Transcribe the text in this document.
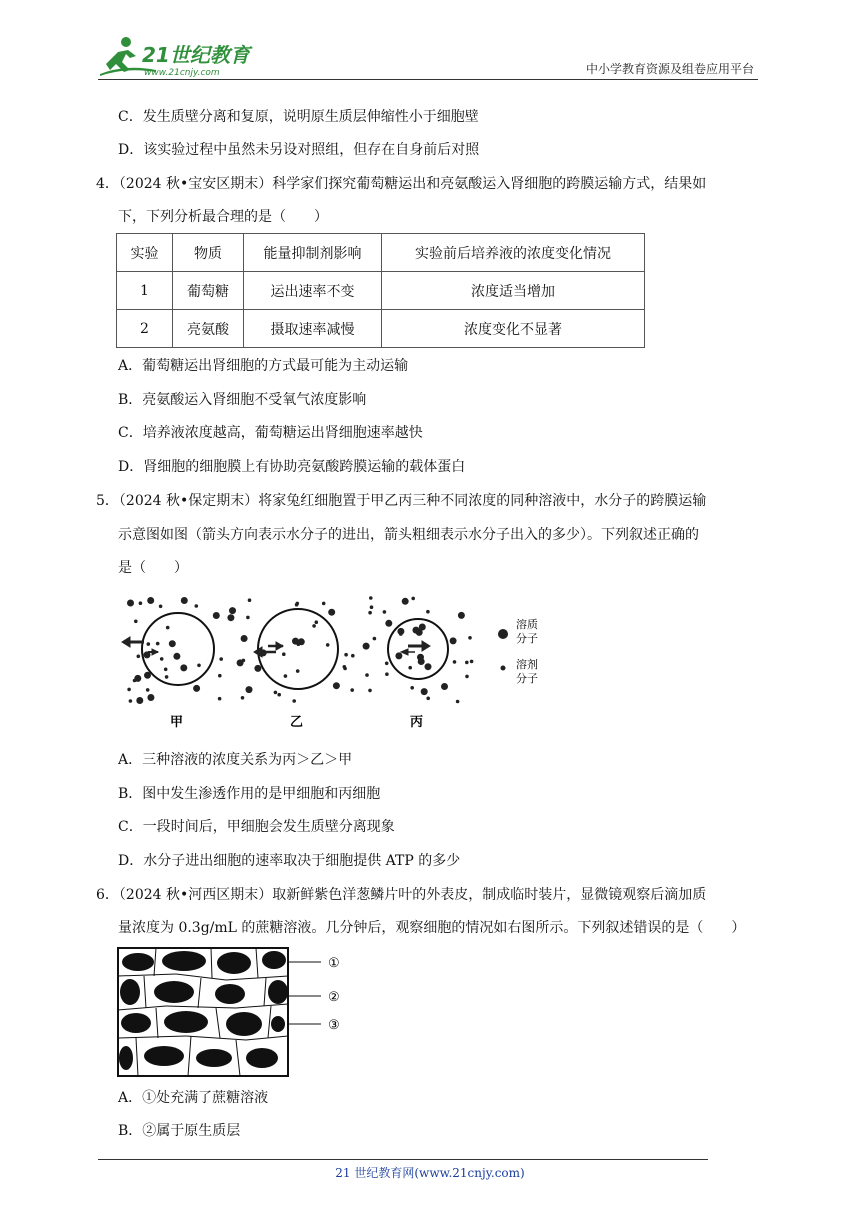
21世纪教育
www.21cnjy.com	中小学教育资源及组卷应用平台
C．发生质壁分离和复原，说明原生质层伸缩性小于细胞壁
D．该实验过程中虽然未另设对照组，但存在自身前后对照
4．（2024 秋•宝安区期末）科学家们探究葡萄糖运出和亮氨酸运入肾细胞的跨膜运输方式，结果如
下，下列分析最合理的是（　　）
实验	物质	能量抑制剂影响	实验前后培养液的浓度变化情况
1	葡萄糖	运出速率不变	浓度适当增加
2	亮氨酸	摄取速率减慢	浓度变化不显著
A．葡萄糖运出肾细胞的方式最可能为主动运输
B．亮氨酸运入肾细胞不受氧气浓度影响
C．培养液浓度越高，葡萄糖运出肾细胞速率越快
D．肾细胞的细胞膜上有协助亮氨酸跨膜运输的载体蛋白
5．（2024 秋•保定期末）将家兔红细胞置于甲乙丙三种不同浓度的同种溶液中，水分子的跨膜运输
示意图如图（箭头方向表示水分子的进出，箭头粗细表示水分子出入的多少）。下列叙述正确的
是（　　）
甲	乙	丙
溶质
分子
溶剂
分子
A．三种溶液的浓度关系为丙＞乙＞甲
B．图中发生渗透作用的是甲细胞和丙细胞
C．一段时间后，甲细胞会发生质壁分离现象
D．水分子进出细胞的速率取决于细胞提供 ATP 的多少
6．（2024 秋•河西区期末）取新鲜紫色洋葱鳞片叶的外表皮，制成临时装片，显微镜观察后滴加质
量浓度为 0.3g/mL 的蔗糖溶液。几分钟后，观察细胞的情况如右图所示。下列叙述错误的是（　　）
①
②
③
A．①处充满了蔗糖溶液
B．②属于原生质层
21 世纪教育网(www.21cnjy.com)
